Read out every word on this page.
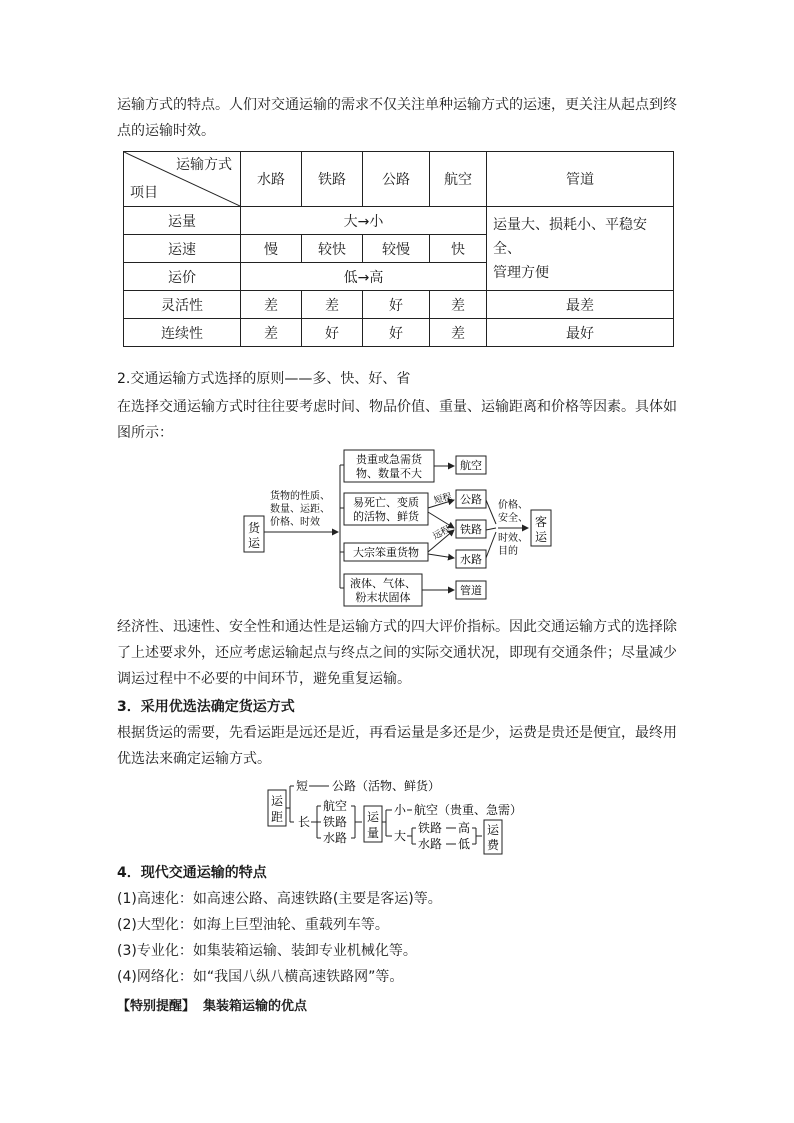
运输方式的特点。人们对交通运输的需求不仅关注单种运输方式的运速，更关注从起点到终

点的运输时效。

运输方式
项目	水路	铁路	公路	航空	管道
运量	大→小				运量大、损耗小、平稳安全、
管理方便

运速	慢	较快	较慢	快	
运价	低→高				
灵活性	差	差	好	差	最差
连续性	差	好	好	差	最好

2.交通运输方式选择的原则——多、快、好、省

在选择交通运输方式时往往要考虑时间、物品价值、重量、运输距离和价格等因素。具体如

图所示：

货
运
货物的性质、
数量、运距、
价格、时效
贵重或急需货
物、数量不大
易死亡、变质
的活物、鲜货
大宗笨重货物
液体、气体、
粉末状固体
短程
远程
航空
公路
铁路
水路
管道
价格、
安全、
时效、
目的
客
运

经济性、迅速性、安全性和通达性是运输方式的四大评价指标。因此交通运输方式的选择除

了上述要求外，还应考虑运输起点与终点之间的实际交通状况，即现有交通条件；尽量减少

调运过程中不必要的中间环节，避免重复运输。

3．采用优选法确定货运方式

根据货运的需要，先看运距是远还是近，再看运量是多还是少，运费是贵还是便宜，最终用

优选法来确定运输方式。

运
距
短 公路（活物、鲜货）
长
航空
铁路
水路
运
量
小 航空（贵重、急需）
大
铁路 高
水路 低
运
费

4．现代交通运输的特点

(1)高速化：如高速公路、高速铁路(主要是客运)等。

(2)大型化：如海上巨型油轮、重载列车等。

(3)专业化：如集装箱运输、装卸专业机械化等。

(4)网络化：如“我国八纵八横高速铁路网”等。

【特别提醒】 集装箱运输的优点
